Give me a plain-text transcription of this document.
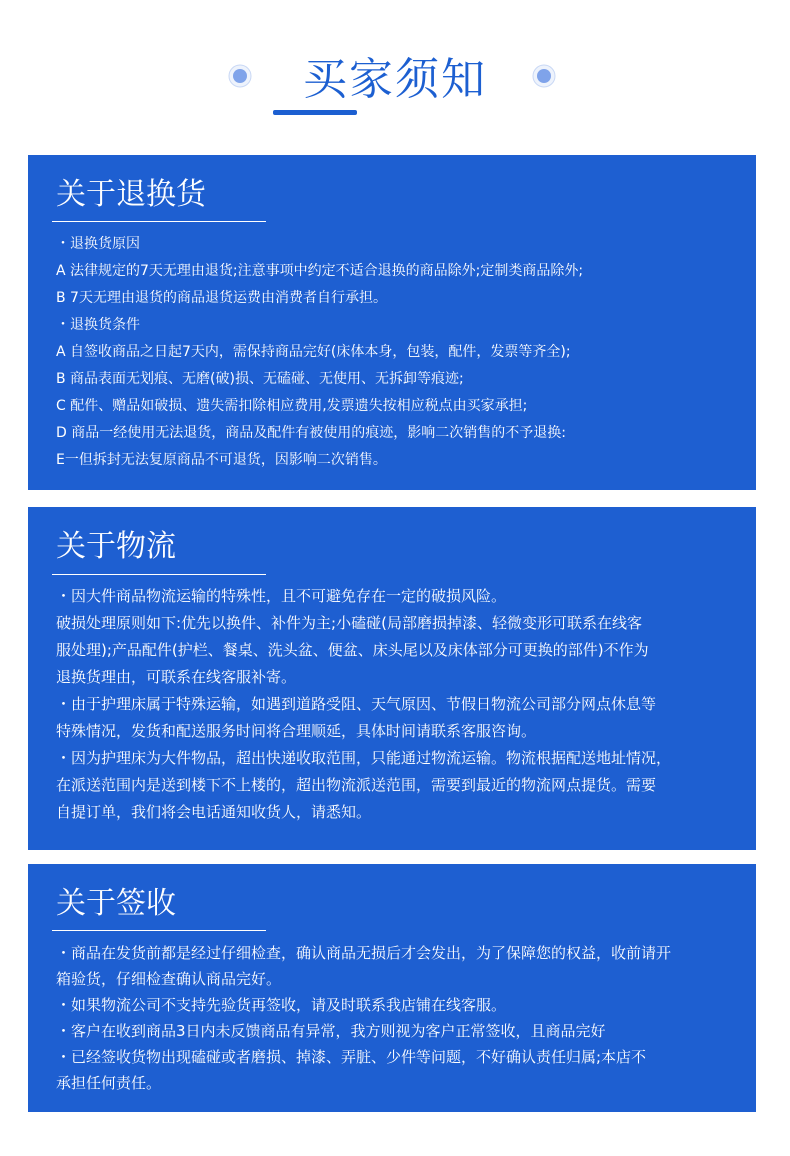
买家须知
关于退换货
・退换货原因
A 法律规定的7天无理由退货;注意事项中约定不适合退换的商品除外;定制类商品除外;
B 7天无理由退货的商品退货运费由消费者自行承担。
・退换货条件
A 自签收商品之日起7天内，需保持商品完好(床体本身，包装，配件，发票等齐全);
B 商品表面无划痕、无磨(破)损、无磕碰、无使用、无拆卸等痕迹;
C 配件、赠品如破损、遗失需扣除相应费用,发票遗失按相应税点由买家承担;
D 商品一经使用无法退货，商品及配件有被使用的痕迹，影响二次销售的不予退换:
E一但拆封无法复原商品不可退货，因影响二次销售。
关于物流
・因大件商品物流运输的特殊性，且不可避免存在一定的破损风险。
破损处理原则如下:优先以换件、补件为主;小磕碰(局部磨损掉漆、轻微变形可联系在线客
服处理);产品配件(护栏、餐桌、洗头盆、便盆、床头尾以及床体部分可更换的部件)不作为
退换货理由，可联系在线客服补寄。
・由于护理床属于特殊运输，如遇到道路受阻、天气原因、节假日物流公司部分网点休息等
特殊情况，发货和配送服务时间将合理顺延，具体时间请联系客服咨询。
・因为护理床为大件物品，超出快递收取范围，只能通过物流运输。物流根据配送地址情况，
在派送范围内是送到楼下不上楼的，超出物流派送范围，需要到最近的物流网点提货。需要
自提订单，我们将会电话通知收货人，请悉知。
关于签收
・商品在发货前都是经过仔细检查，确认商品无损后才会发出，为了保障您的权益，收前请开
箱验货，仔细检查确认商品完好。
・如果物流公司不支持先验货再签收，请及时联系我店铺在线客服。
・客户在收到商品3日内未反馈商品有异常，我方则视为客户正常签收，且商品完好
・已经签收货物出现磕碰或者磨损、掉漆、弄脏、少件等问题，不好确认责任归属;本店不
承担任何责任。
